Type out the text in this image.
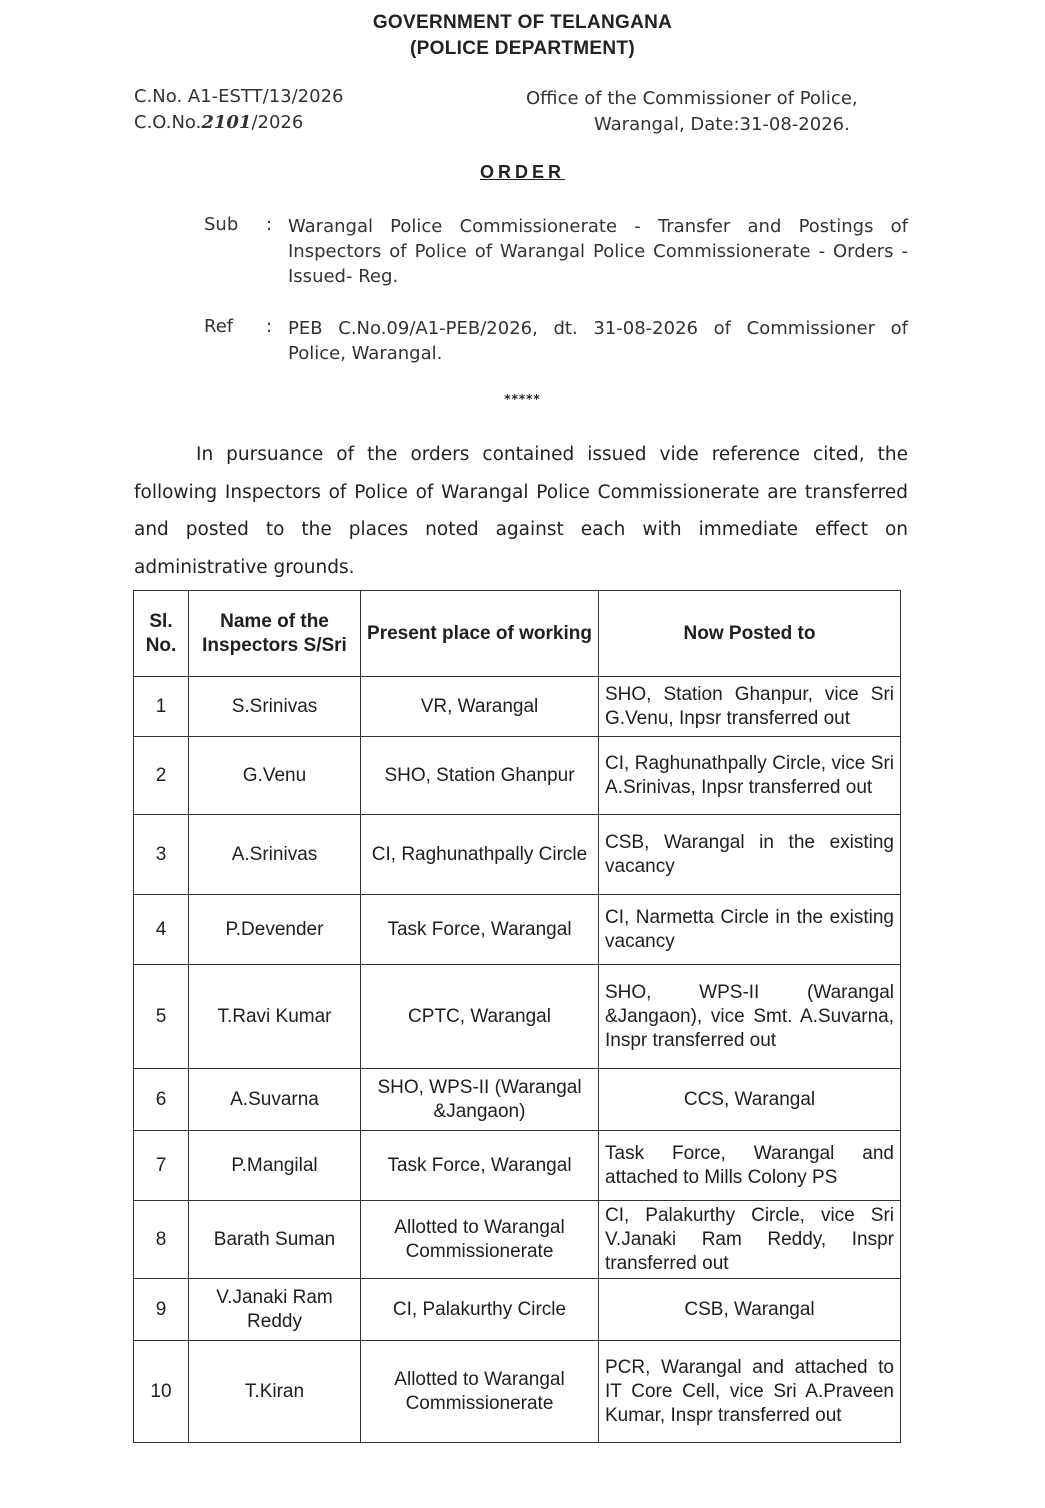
GOVERNMENT OF TELANGANA
(POLICE DEPARTMENT)
C.No. A1-ESTT/13/2026
C.O.No.2101/2026
Office of the Commissioner of Police,
Warangal, Date:31-08-2026.
ORDER
Sub : Warangal Police Commissionerate - Transfer and Postings of Inspectors of Police of Warangal Police Commissionerate - Orders -Issued- Reg.
Ref : PEB C.No.09/A1-PEB/2026, dt. 31-08-2026 of Commissioner of Police, Warangal.
*****
In pursuance of the orders contained issued vide reference cited, the following Inspectors of Police of Warangal Police Commissionerate are transferred and posted to the places noted against each with immediate effect on administrative grounds.
Sl. No.	Name of the Inspectors S/Sri	Present place of working	Now Posted to
1	S.Srinivas	VR, Warangal	SHO, Station Ghanpur, vice Sri G.Venu, Inpsr transferred out
2	G.Venu	SHO, Station Ghanpur	CI, Raghunathpally Circle, vice Sri A.Srinivas, Inpsr transferred out
3	A.Srinivas	CI, Raghunathpally Circle	CSB, Warangal in the existing vacancy
4	P.Devender	Task Force, Warangal	CI, Narmetta Circle in the existing vacancy
5	T.Ravi Kumar	CPTC, Warangal	SHO, WPS-II (Warangal &Jangaon), vice Smt. A.Suvarna, Inspr transferred out
6	A.Suvarna	SHO, WPS-II (Warangal &Jangaon)	CCS, Warangal
7	P.Mangilal	Task Force, Warangal	Task Force, Warangal and attached to Mills Colony PS
8	Barath Suman	Allotted to Warangal Commissionerate	CI, Palakurthy Circle, vice Sri V.Janaki Ram Reddy, Inspr transferred out
9	V.Janaki Ram Reddy	CI, Palakurthy Circle	CSB, Warangal
10	T.Kiran	Allotted to Warangal Commissionerate	PCR, Warangal and attached to IT Core Cell, vice Sri A.Praveen Kumar, Inspr transferred out
